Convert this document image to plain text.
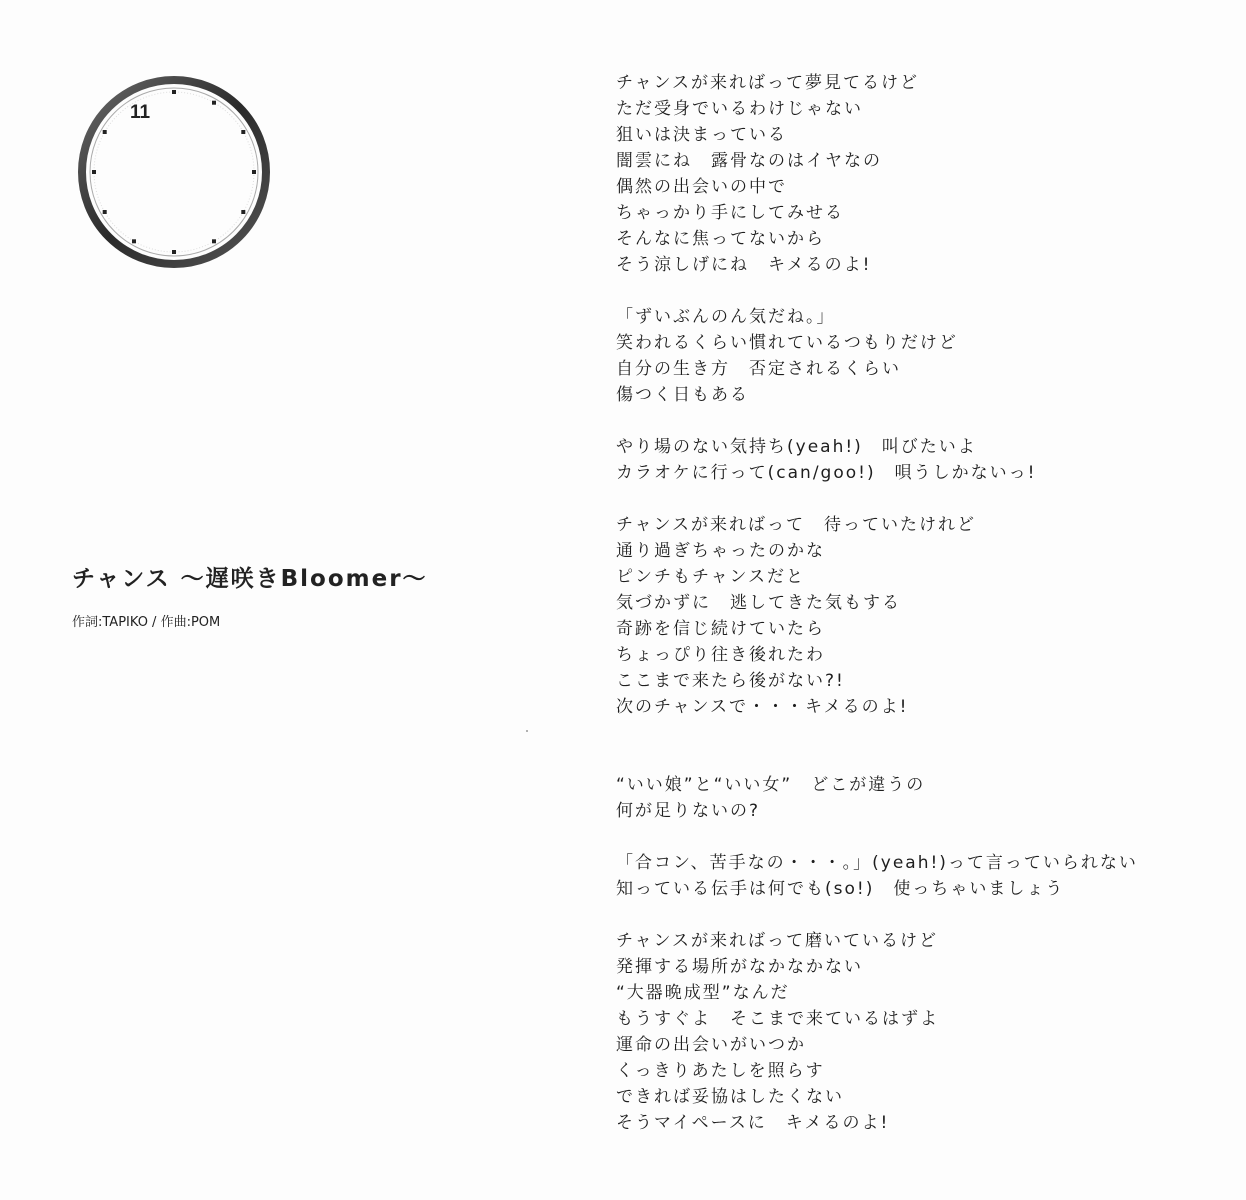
11
チャンス 〜遅咲きBloomer〜
作詞:TAPIKO / 作曲:POM
チャンスが来ればって夢見てるけど
ただ受身でいるわけじゃない
狙いは決まっている
闇雲にね　露骨なのはイヤなの
偶然の出会いの中で
ちゃっかり手にしてみせる
そんなに焦ってないから
そう涼しげにね　キメるのよ!
「ずいぶんのん気だね。」
笑われるくらい慣れているつもりだけど
自分の生き方　否定されるくらい
傷つく日もある
やり場のない気持ち(yeah!)　叫びたいよ
カラオケに行って(can/goo!)　唄うしかないっ!
チャンスが来ればって　待っていたけれど
通り過ぎちゃったのかな
ピンチもチャンスだと
気づかずに　逃してきた気もする
奇跡を信じ続けていたら
ちょっぴり往き後れたわ
ここまで来たら後がない?!
次のチャンスで・・・キメるのよ!
“いい娘”と“いい女”　どこが違うの
何が足りないの?
「合コン、苦手なの・・・。」(yeah!)って言っていられない
知っている伝手は何でも(so!)　使っちゃいましょう
チャンスが来ればって磨いているけど
発揮する場所がなかなかない
“大器晩成型”なんだ
もうすぐよ　そこまで来ているはずよ
運命の出会いがいつか
くっきりあたしを照らす
できれば妥協はしたくない
そうマイペースに　キメるのよ!
